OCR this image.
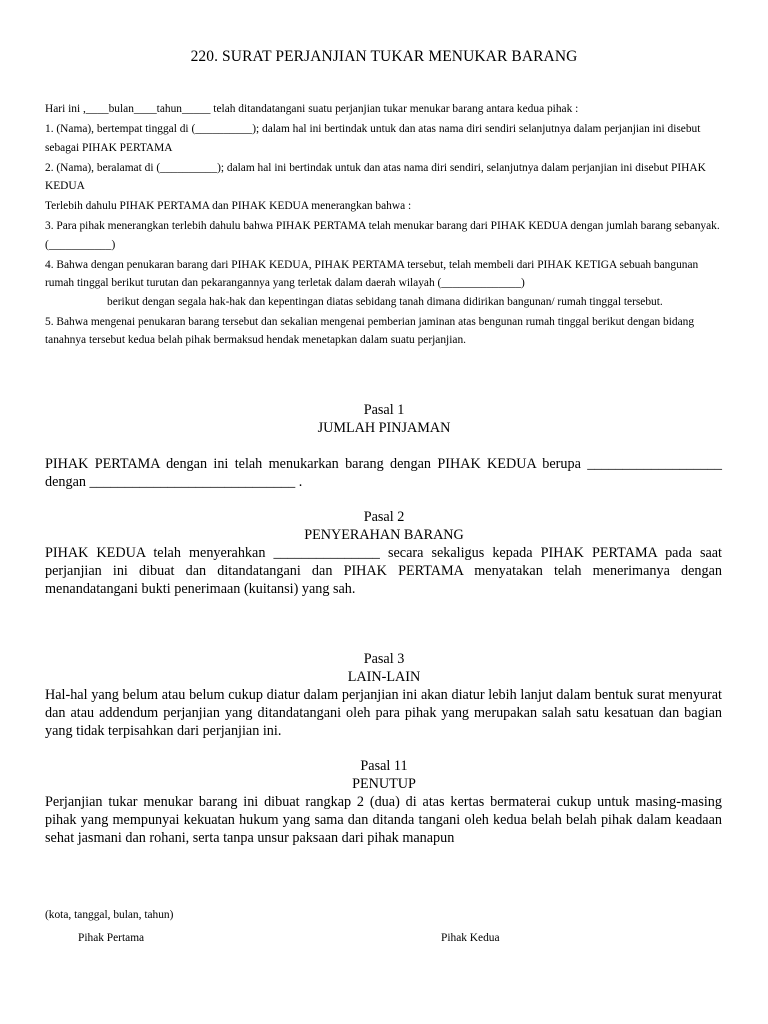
220. SURAT PERJANJIAN TUKAR MENUKAR BARANG

Hari ini ,____bulan____tahun_____ telah ditandatangani suatu perjanjian tukar menukar barang antara kedua pihak :

1. (Nama), bertempat tinggal di (__________); dalam hal ini bertindak untuk dan atas nama diri sendiri selanjutnya dalam perjanjian ini disebut sebagai PIHAK PERTAMA

2. (Nama), beralamat di (__________); dalam hal ini bertindak untuk dan atas nama diri sendiri, selanjutnya dalam perjanjian ini disebut PIHAK KEDUA

Terlebih dahulu PIHAK PERTAMA dan PIHAK KEDUA menerangkan bahwa :

3. Para pihak menerangkan terlebih dahulu bahwa PIHAK PERTAMA telah menukar barang dari PIHAK KEDUA dengan jumlah barang sebanyak.(___________)

4. Bahwa dengan penukaran barang dari PIHAK KEDUA, PIHAK PERTAMA tersebut, telah membeli dari PIHAK KETIGA sebuah bangunan rumah tinggal berikut turutan dan pekarangannya yang terletak dalam daerah wilayah (______________)
berikut dengan segala hak-hak dan kepentingan diatas sebidang tanah dimana didirikan bangunan/ rumah tinggal tersebut.

5. Bahwa mengenai penukaran barang tersebut dan sekalian mengenai pemberian jaminan atas bengunan rumah tinggal berikut dengan bidang tanahnya tersebut kedua belah pihak bermaksud hendak menetapkan dalam suatu perjanjian.

Pasal 1
JUMLAH PINJAMAN

PIHAK PERTAMA dengan ini telah menukarkan barang dengan PIHAK KEDUA berupa ___________________ dengan _____________________________ .

Pasal 2
PENYERAHAN BARANG

PIHAK KEDUA telah menyerahkan _______________ secara sekaligus kepada PIHAK PERTAMA pada saat perjanjian ini dibuat dan ditandatangani dan PIHAK PERTAMA menyatakan telah menerimanya dengan menandatangani bukti penerimaan (kuitansi) yang sah.

Pasal 3
LAIN-LAIN

Hal-hal yang belum atau belum cukup diatur dalam perjanjian ini akan diatur lebih lanjut dalam bentuk surat menyurat dan atau addendum perjanjian yang ditandatangani oleh para pihak yang merupakan salah satu kesatuan dan bagian yang tidak terpisahkan dari perjanjian ini.

Pasal 11
PENUTUP

Perjanjian tukar menukar barang ini dibuat rangkap 2 (dua) di atas kertas bermaterai cukup untuk masing-masing pihak yang mempunyai kekuatan hukum yang sama dan ditanda tangani oleh kedua belah belah pihak dalam keadaan sehat jasmani dan rohani, serta tanpa unsur paksaan dari pihak manapun

(kota, tanggal, bulan, tahun)
Pihak Pertama	Pihak Kedua
